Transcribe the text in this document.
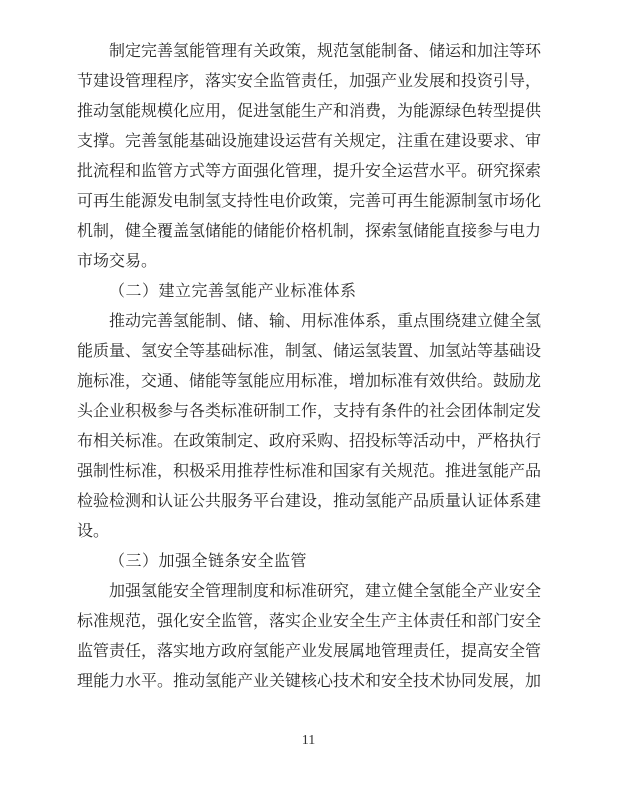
制定完善氢能管理有关政策，规范氢能制备、储运和加注等环
节建设管理程序，落实安全监管责任，加强产业发展和投资引导，
推动氢能规模化应用，促进氢能生产和消费，为能源绿色转型提供
支撑。完善氢能基础设施建设运营有关规定，注重在建设要求、审
批流程和监管方式等方面强化管理，提升安全运营水平。研究探索
可再生能源发电制氢支持性电价政策，完善可再生能源制氢市场化
机制，健全覆盖氢储能的储能价格机制，探索氢储能直接参与电力
市场交易。
（二）建立完善氢能产业标准体系
推动完善氢能制、储、输、用标准体系，重点围绕建立健全氢
能质量、氢安全等基础标准，制氢、储运氢装置、加氢站等基础设
施标准，交通、储能等氢能应用标准，增加标准有效供给。鼓励龙
头企业积极参与各类标准研制工作，支持有条件的社会团体制定发
布相关标准。在政策制定、政府采购、招投标等活动中，严格执行
强制性标准，积极采用推荐性标准和国家有关规范。推进氢能产品
检验检测和认证公共服务平台建设，推动氢能产品质量认证体系建
设。
（三）加强全链条安全监管
加强氢能安全管理制度和标准研究，建立健全氢能全产业安全
标准规范，强化安全监管，落实企业安全生产主体责任和部门安全
监管责任，落实地方政府氢能产业发展属地管理责任，提高安全管
理能力水平。推动氢能产业关键核心技术和安全技术协同发展，加
11
